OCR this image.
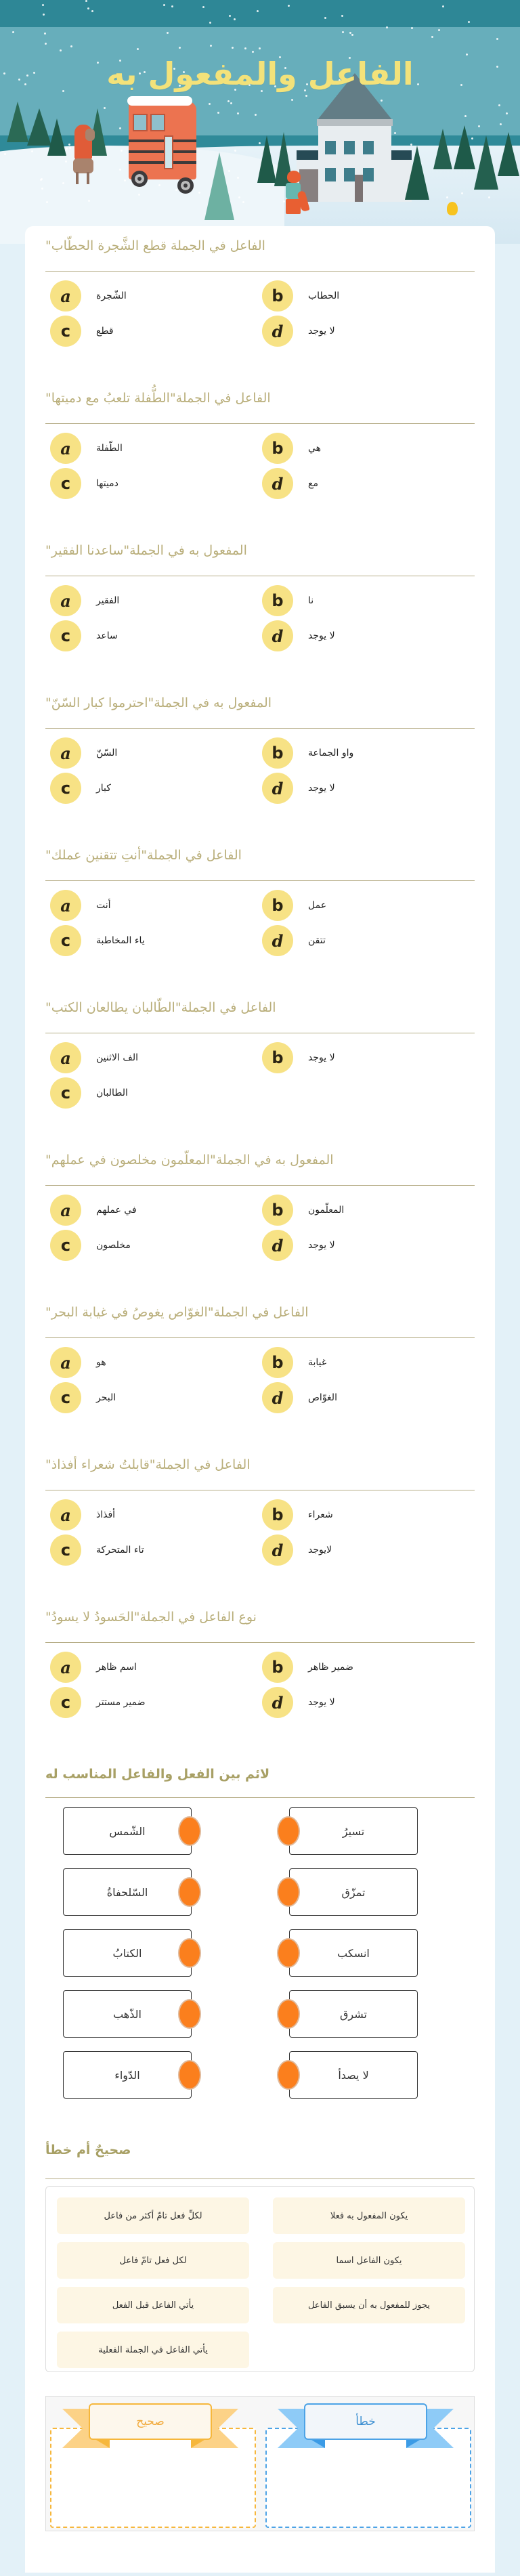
الفاعل والمفعول به
الفاعل في الجملة قطع الشَّجرة الحطّاب"
a	الشّجرة	b	الحطاب
c	قطع	d	لا يوجد
الفاعل في الجملة"الطُّفلة تلعبُ مع دميتها"
a	الطّفلة	b	هي
c	دميتها	d	مع
المفعول به في الجملة"ساعدنا الفقير"
a	الفقير	b	نا
c	ساعد	d	لا يوجد
المفعول به في الجملة"احترموا كبار السّنّ"
a	السّنّ	b	واو الجماعة
c	كبار	d	لا يوجد
الفاعل في الجملة"أنتِ تتقنين عملك"
a	أنت	b	عمل
c	ياء المخاطبة	d	تتقن
الفاعل في الجملة"الطّالبان يطالعان الكتب"
a	الف الاثنين	b	لا يوجد
c	الطالبان
المفعول به في الجملة"المعلّمون مخلصون في عملهم"
a	في عملهم	b	المعلّمون
c	مخلصون	d	لا يوجد
الفاعل في الجملة"الغوّاص يغوصُ في غيابة البحر"
a	هو	b	غيابة
c	البحر	d	الغوّاص
الفاعل في الجملة"قابلتُ شعراء أفذاذ"
a	أفذاذ	b	شعراء
c	تاء المتحركة	d	لايوجد
نوع الفاعل في الجملة"الحَسودُ لا يسودُ"
a	اسم ظاهر	b	ضمير ظاهر
c	ضمير مستتر	d	لا يوجد
لائم بين الفعل والفاعل المناسب له
الشّمس	تسيرُ
السّلحفاةُ	تمزّق
الكتابُ	انسكب
الذّهب	تشرق
الدّواء	لا يصدأ
صحيحٌ أم خطأ
يكون المفعول به فعلا
لكلِّ فعل تامّ أكثر من فاعل
يكون الفاعل اسما
لكل فعل تامّ فاعل
يجوز للمفعول به أن يسبق الفاعل
يأتي الفاعل قبل الفعل
يأتي الفاعل في الجملة الفعلية
صحيح	خطأ
